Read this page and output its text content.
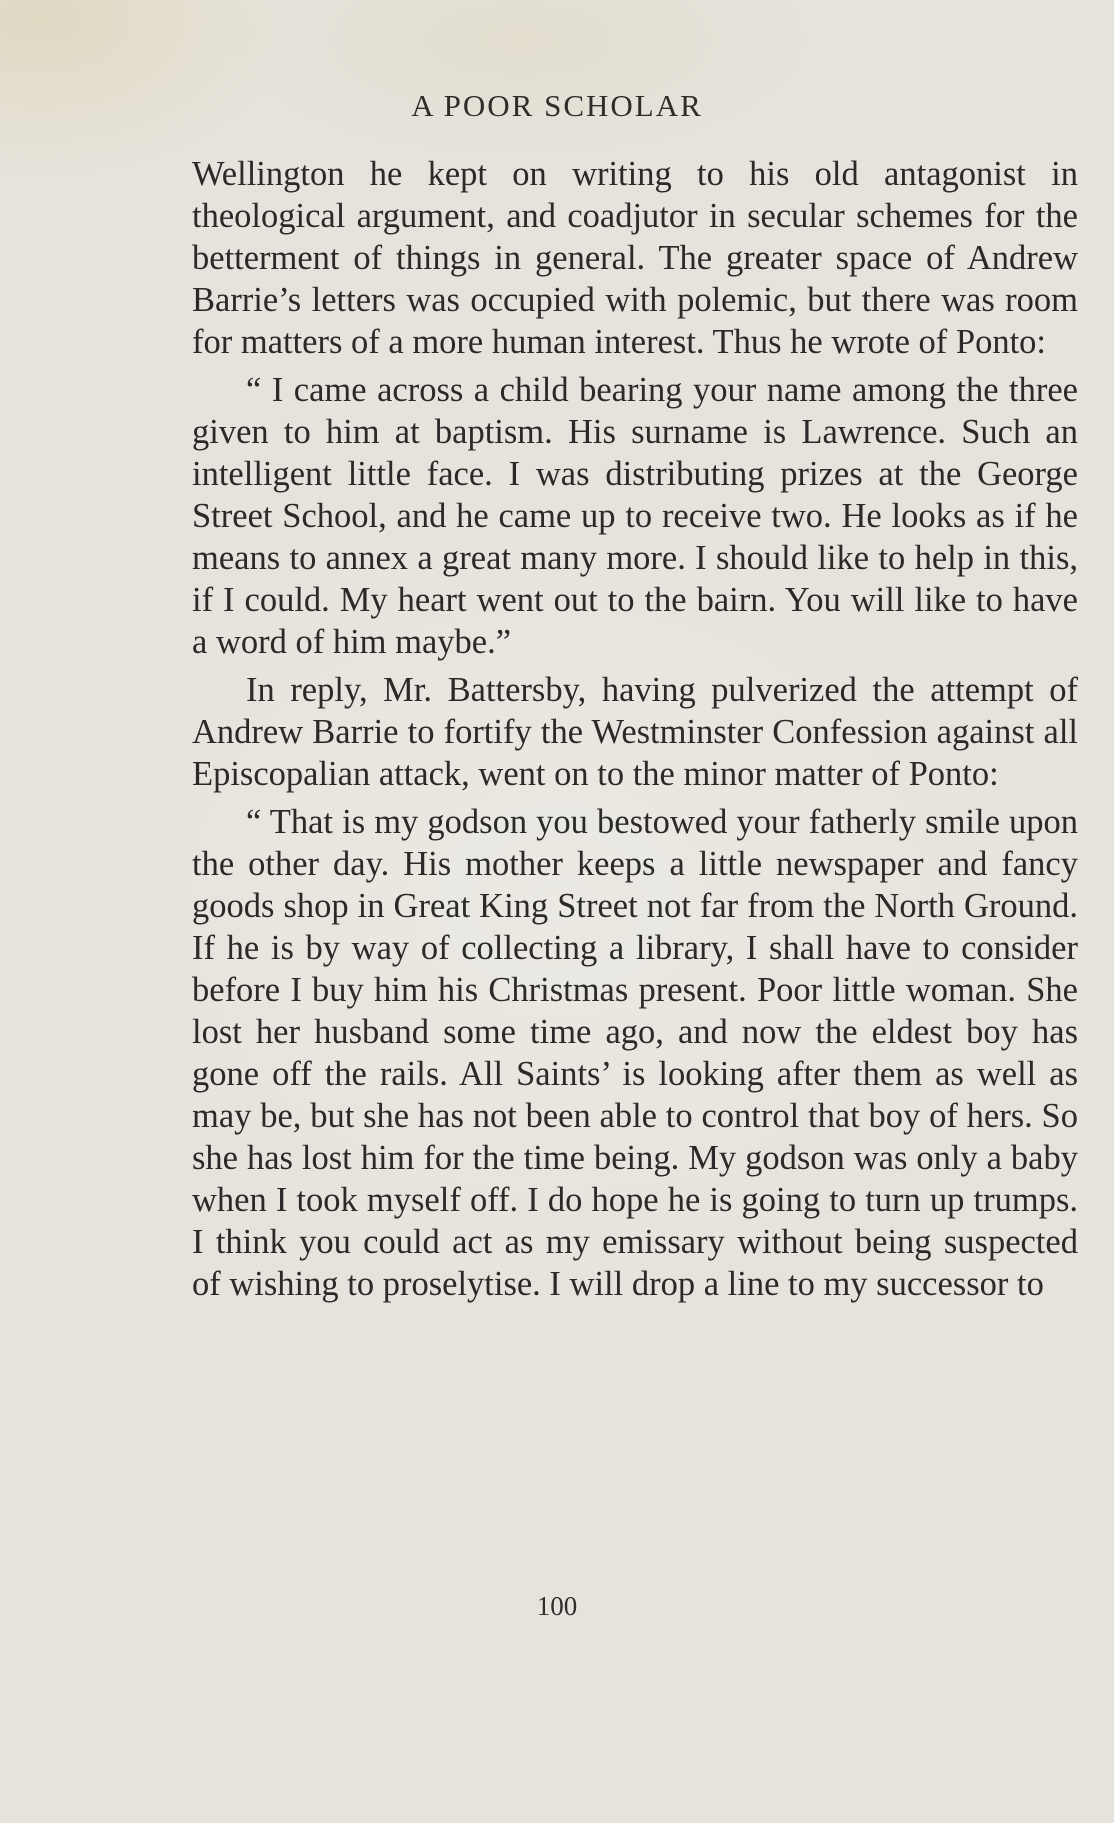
A POOR SCHOLAR

Wellington he kept on writing to his old antagonist in theological argument, and coadjutor in secular schemes for the betterment of things in general. The greater space of Andrew Barrie’s letters was occupied with polemic, but there was room for matters of a more human interest. Thus he wrote of Ponto:

“ I came across a child bearing your name among the three given to him at baptism. His surname is Lawrence. Such an intelligent little face. I was distributing prizes at the George Street School, and he came up to receive two. He looks as if he means to annex a great many more. I should like to help in this, if I could. My heart went out to the bairn. You will like to have a word of him maybe.”

In reply, Mr. Battersby, having pulverized the attempt of Andrew Barrie to fortify the Westminster Confession against all Episcopalian attack, went on to the minor matter of Ponto:

“ That is my godson you bestowed your fatherly smile upon the other day. His mother keeps a little newspaper and fancy goods shop in Great King Street not far from the North Ground. If he is by way of collecting a library, I shall have to consider before I buy him his Christmas present. Poor little woman. She lost her husband some time ago, and now the eldest boy has gone off the rails. All Saints’ is looking after them as well as may be, but she has not been able to control that boy of hers. So she has lost him for the time being. My godson was only a baby when I took myself off. I do hope he is going to turn up trumps. I think you could act as my emissary without being suspected of wishing to proselytise. I will drop a line to my successor to

100
